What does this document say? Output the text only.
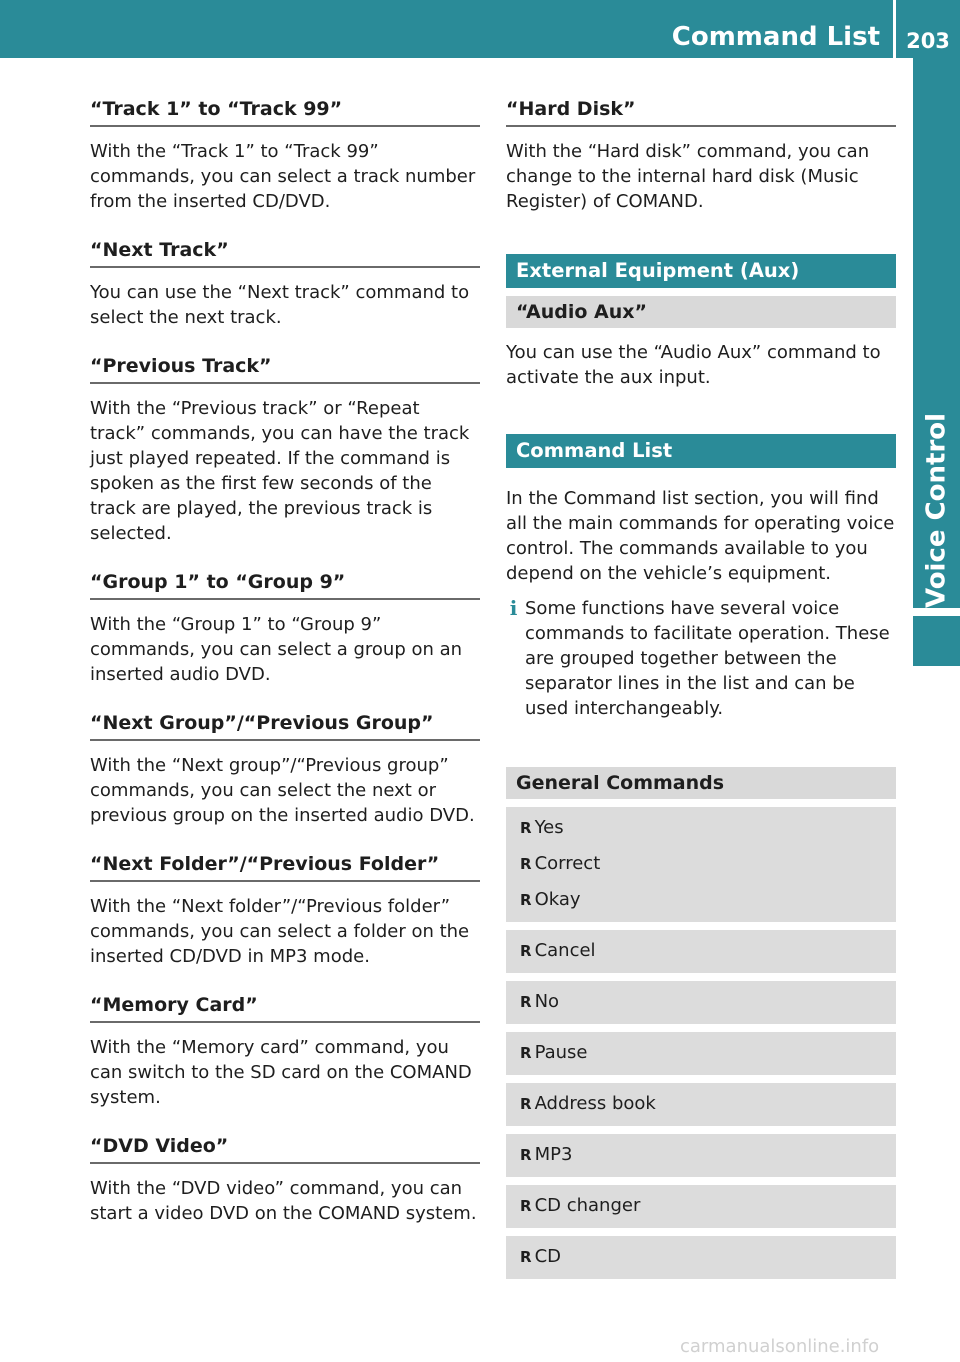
Command List	203
Voice Control
“Track 1” to “Track 99”

With the “Track 1” to “Track 99” commands, you can select a track number from the inserted CD/DVD.

“Next Track”

You can use the “Next track” command to select the next track.

“Previous Track”

With the “Previous track” or “Repeat track” commands, you can have the track just played repeated. If the command is spoken as the first few seconds of the track are played, the previous track is selected.

“Group 1” to “Group 9”

With the “Group 1” to “Group 9” commands, you can select a group on an inserted audio DVD.

“Next Group”/“Previous Group”

With the “Next group”/“Previous group” commands, you can select the next or previous group on the inserted audio DVD.

“Next Folder”/“Previous Folder”

With the “Next folder”/“Previous folder” commands, you can select a folder on the inserted CD/DVD in MP3 mode.

“Memory Card”

With the “Memory card” command, you can switch to the SD card on the COMAND system.

“DVD Video”

With the “DVD video” command, you can start a video DVD on the COMAND system.

“Hard Disk”

With the “Hard disk” command, you can change to the internal hard disk (Music Register) of COMAND.

External Equipment (Aux)
“Audio Aux”

You can use the “Audio Aux” command to activate the aux input.

Command List

In the Command list section, you will find all the main commands for operating voice control. The commands available to you depend on the vehicle’s equipment.

i Some functions have several voice commands to facilitate operation. These are grouped together between the separator lines in the list and can be used interchangeably.

General Commands
R Yes
R Correct
R Okay
R Cancel
R No
R Pause
R Address book
R MP3
R CD changer
R CD
carmanualsonline.info
